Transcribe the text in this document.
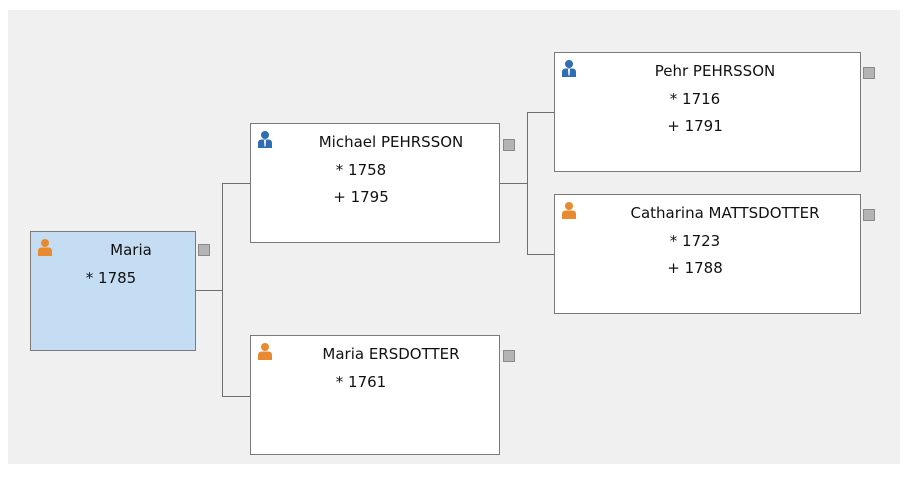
Maria
* 1785
Michael PEHRSSON
* 1758
+ 1795
Maria ERSDOTTER
* 1761
Pehr PEHRSSON
* 1716
+ 1791
Catharina MATTSDOTTER
* 1723
+ 1788
